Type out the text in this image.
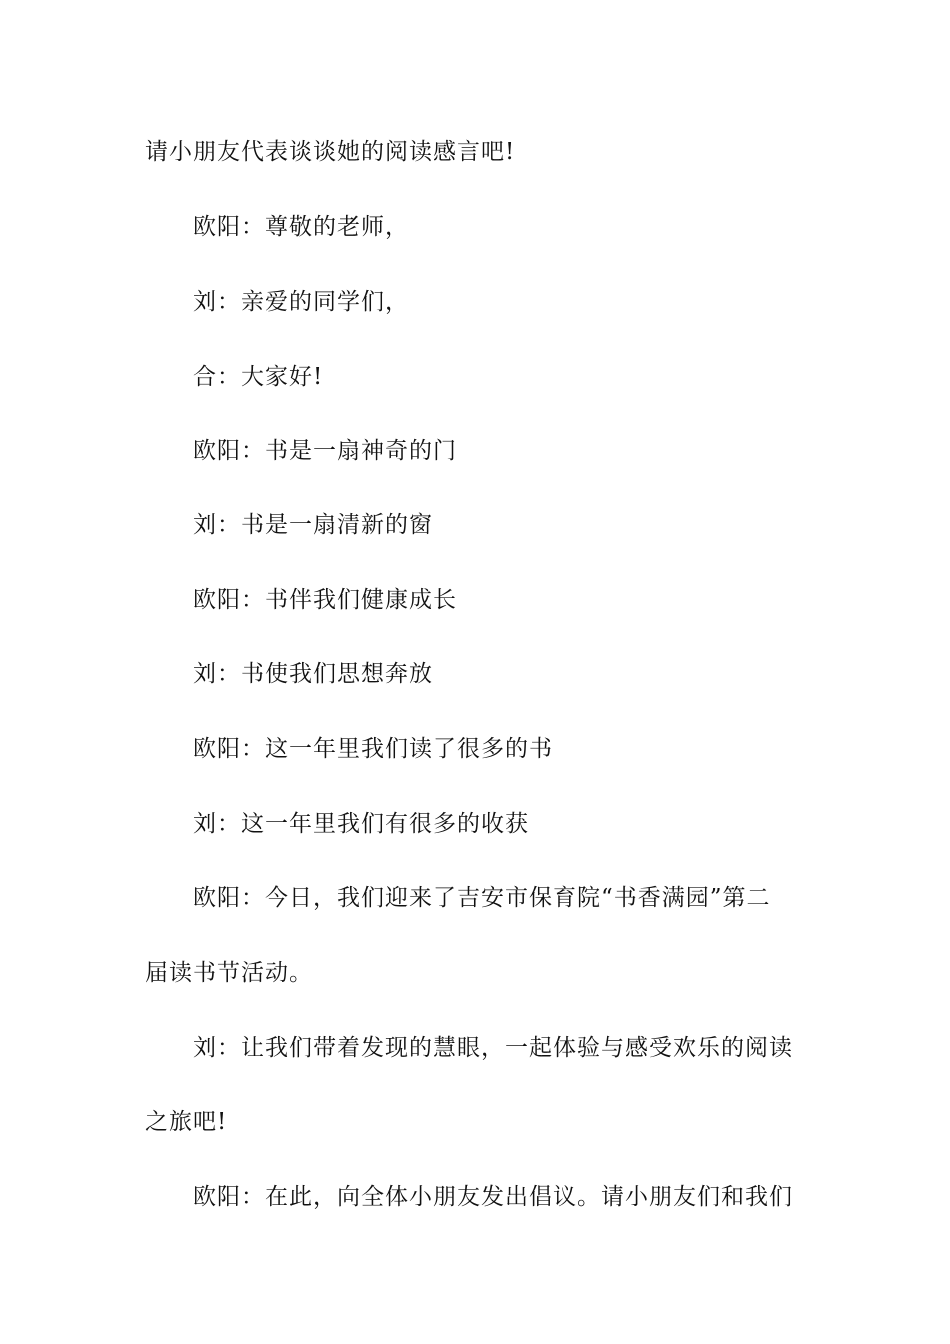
请小朋友代表谈谈她的阅读感言吧!
欧阳：尊敬的老师，
刘：亲爱的同学们，
合：大家好!
欧阳：书是一扇神奇的门
刘：书是一扇清新的窗
欧阳：书伴我们健康成长
刘：书使我们思想奔放
欧阳：这一年里我们读了很多的书
刘：这一年里我们有很多的收获
欧阳：今日，我们迎来了吉安市保育院“书香满园”第二
届读书节活动。
刘：让我们带着发现的慧眼，一起体验与感受欢乐的阅读
之旅吧!
欧阳：在此，向全体小朋友发出倡议。请小朋友们和我们
